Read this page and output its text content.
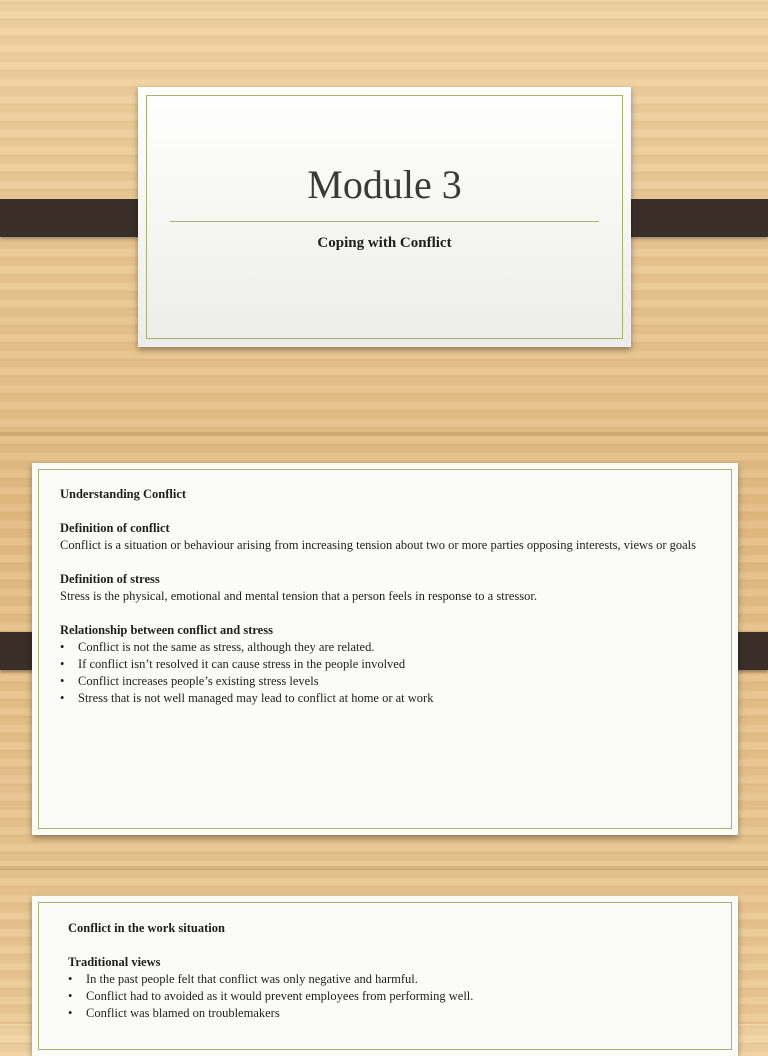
Module 3
Coping with Conflict
Understanding Conflict
Definition of conflict
Conflict is a situation or behaviour arising from increasing tension about two or more parties opposing interests, views or goals
Definition of stress
Stress is the physical, emotional and mental tension that a person feels in response to a stressor.
Relationship between conflict and stress
• Conflict is not the same as stress, although they are related.
• If conflict isn’t resolved it can cause stress in the people involved
• Conflict increases people’s existing stress levels
• Stress that is not well managed may lead to conflict at home or at work
Conflict in the work situation
Traditional views
• In the past people felt that conflict was only negative and harmful.
• Conflict had to avoided as it would prevent employees from performing well.
• Conflict was blamed on troublemakers
